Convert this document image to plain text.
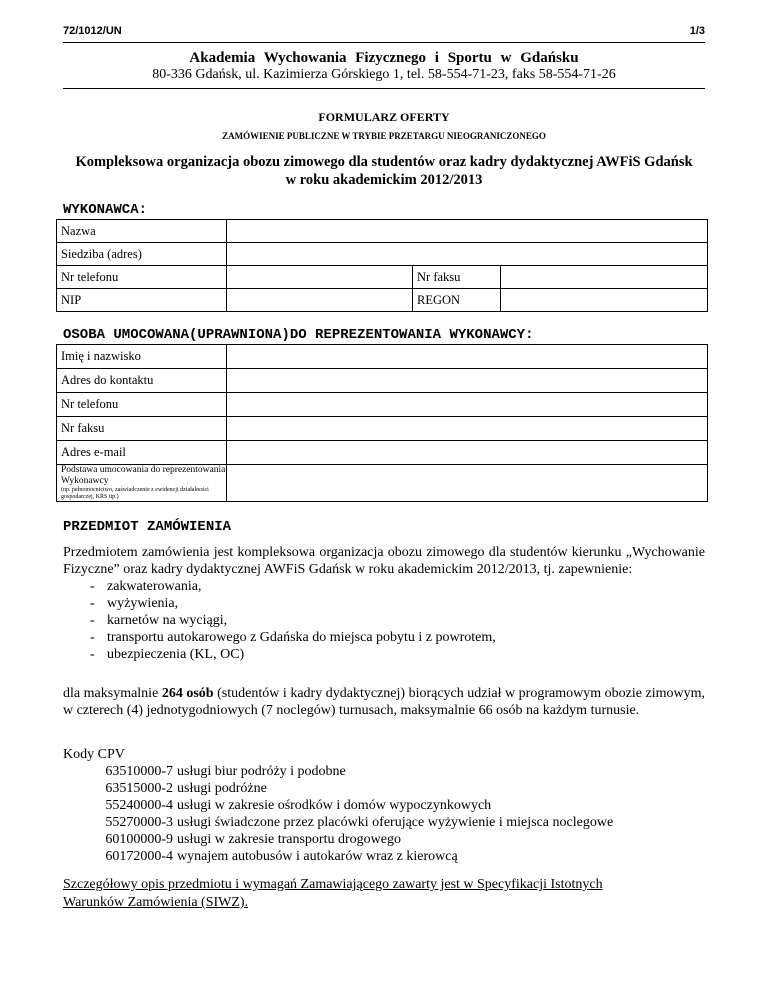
72/1012/UN	1/3
Akademia Wychowania Fizycznego i Sportu w Gdańsku
80-336 Gdańsk, ul. Kazimierza Górskiego 1, tel. 58-554-71-23, faks 58-554-71-26
FORMULARZ OFERTY
ZAMÓWIENIE PUBLICZNE W TRYBIE PRZETARGU NIEOGRANICZONEGO
Kompleksowa organizacja obozu zimowego dla studentów oraz kadry dydaktycznej AWFiS Gdańsk
w roku akademickim 2012/2013
WYKONAWCA:
Nazwa			
Siedziba (adres)			
Nr telefonu		Nr faksu	
NIP		REGON	
OSOBA UMOCOWANA(UPRAWNIONA)DO REPREZENTOWANIA WYKONAWCY:
Imię i nazwisko	
Adres do kontaktu	
Nr telefonu	
Nr faksu	
Adres e-mail	

Podstawa umocowania do reprezentowania Wykonawcy
(np. pełnomocnictwo, zaświadczenie z ewidencji działalności gospodarczej, KRS itp.)	

PRZEDMIOT ZAMÓWIENIA
Przedmiotem zamówienia jest kompleksowa organizacja obozu zimowego dla studentów kierunku „Wychowanie Fizyczne” oraz kadry dydaktycznej AWFiS Gdańsk w roku akademickim 2012/2013, tj. zapewnienie:
- zakwaterowania,
- wyżywienia,
- karnetów na wyciągi,
- transportu autokarowego z Gdańska do miejsca pobytu i z powrotem,
- ubezpieczenia (KL, OC)
dla maksymalnie 264 osób (studentów i kadry dydaktycznej) biorących udział w programowym obozie zimowym, w czterech (4) jednotygodniowych (7 noclegów) turnusach, maksymalnie 66 osób na każdym turnusie.
Kody CPV
63510000-7 usługi biur podróży i podobne
63515000-2 usługi podróżne
55240000-4 usługi w zakresie ośrodków i domów wypoczynkowych
55270000-3 usługi świadczone przez placówki oferujące wyżywienie i miejsca noclegowe
60100000-9 usługi w zakresie transportu drogowego
60172000-4 wynajem autobusów i autokarów wraz z kierowcą
Szczegółowy opis przedmiotu i wymagań Zamawiającego zawarty jest w Specyfikacji Istotnych
Warunków Zamówienia (SIWZ).
